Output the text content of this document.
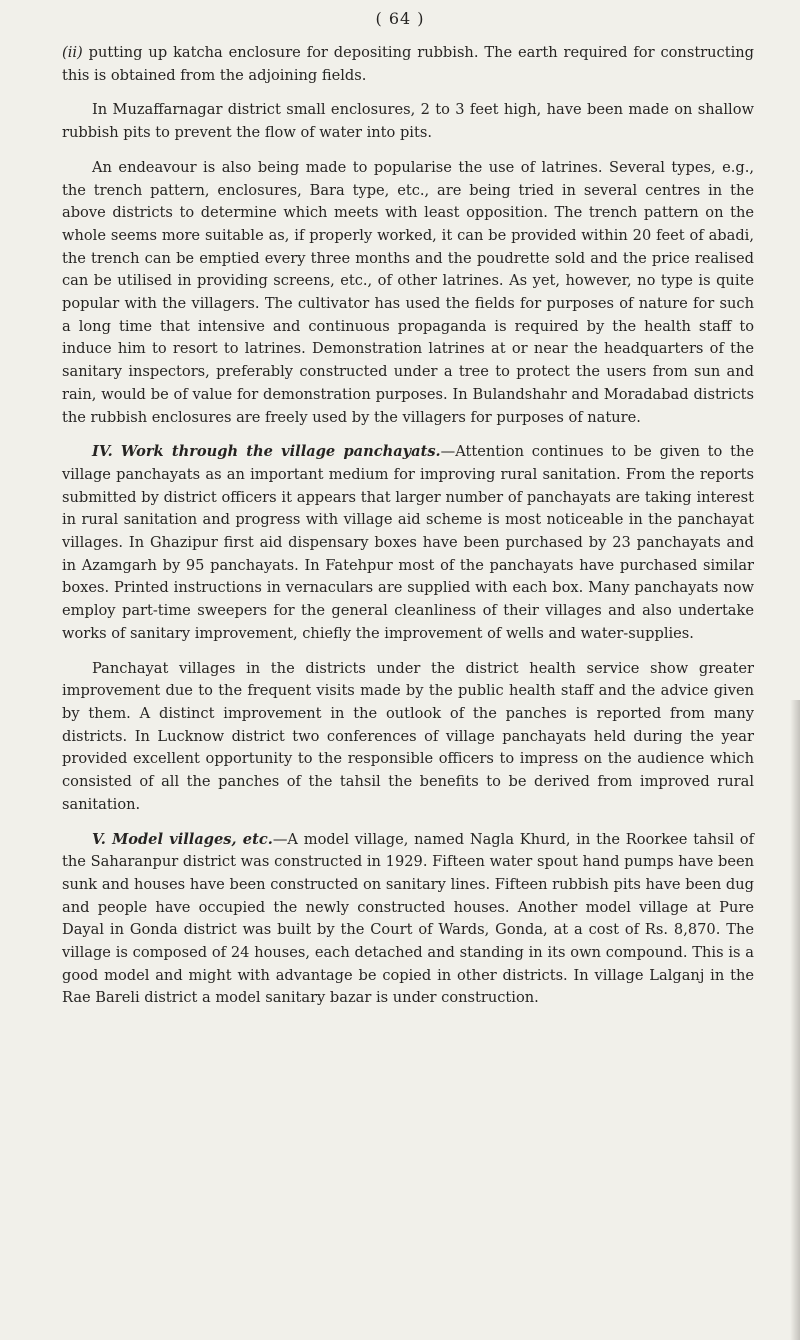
( 64 )

(ii) putting up katcha enclosure for depositing rubbish. The earth required for constructing this is obtained from the adjoining fields.

In Muzaffarnagar district small enclosures, 2 to 3 feet high, have been made on shallow rubbish pits to prevent the flow of water into pits.

An endeavour is also being made to popularise the use of latrines. Several types, e.g., the trench pattern, enclosures, Bara type, etc., are being tried in several centres in the above districts to determine which meets with least opposition. The trench pattern on the whole seems more suitable as, if properly worked, it can be provided within 20 feet of abadi, the trench can be emptied every three months and the poudrette sold and the price realised can be utilised in providing screens, etc., of other latrines. As yet, however, no type is quite popular with the villagers. The cultivator has used the fields for purposes of nature for such a long time that intensive and continuous propaganda is required by the health staff to induce him to resort to latrines. Demonstration latrines at or near the headquarters of the sanitary inspectors, preferably constructed under a tree to protect the users from sun and rain, would be of value for demonstration purposes. In Bulandshahr and Moradabad districts the rubbish enclosures are freely used by the villagers for purposes of nature.

IV. Work through the village panchayats.—Attention continues to be given to the village panchayats as an important medium for improving rural sanitation. From the reports submitted by district officers it appears that larger number of panchayats are taking interest in rural sanitation and progress with village aid scheme is most noticeable in the panchayat villages. In Ghazipur first aid dispensary boxes have been purchased by 23 panchayats and in Azamgarh by 95 panchayats. In Fatehpur most of the panchayats have purchased similar boxes. Printed instructions in vernaculars are supplied with each box. Many panchayats now employ part-time sweepers for the general cleanliness of their villages and also undertake works of sanitary improvement, chiefly the improvement of wells and water-supplies.

Panchayat villages in the districts under the district health service show greater improvement due to the frequent visits made by the public health staff and the advice given by them. A distinct improvement in the outlook of the panches is reported from many districts. In Lucknow district two conferences of village panchayats held during the year provided excellent opportunity to the responsible officers to impress on the audience which consisted of all the panches of the tahsil the benefits to be derived from improved rural sanitation.

V. Model villages, etc.—A model village, named Nagla Khurd, in the Roorkee tahsil of the Saharanpur district was constructed in 1929. Fifteen water spout hand pumps have been sunk and houses have been constructed on sanitary lines. Fifteen rubbish pits have been dug and people have occupied the newly constructed houses. Another model village at Pure Dayal in Gonda district was built by the Court of Wards, Gonda, at a cost of Rs. 8,870. The village is composed of 24 houses, each detached and standing in its own compound. This is a good model and might with advantage be copied in other districts. In village Lalganj in the Rae Bareli district a model sanitary bazar is under construction.
